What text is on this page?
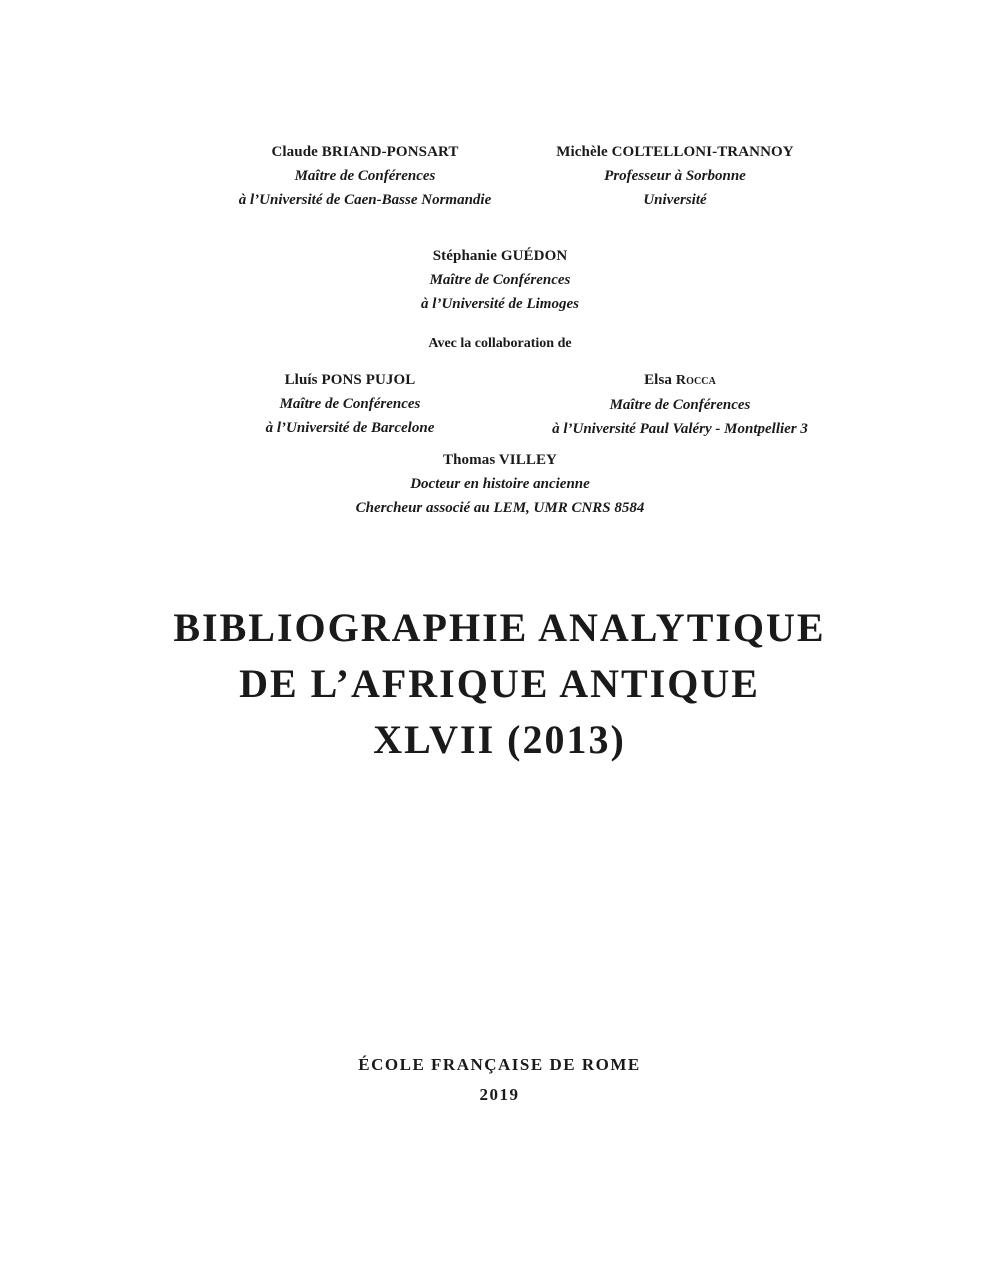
Claude BRIAND-PONSART
Maître de Conférences
à l’Université de Caen-Basse Normandie
Michèle COLTELLONI-TRANNOY
Professeur à Sorbonne
Université
Stéphanie GUÉDON
Maître de Conférences
à l’Université de Limoges
Avec la collaboration de
Lluís PONS PUJOL
Maître de Conférences
à l’Université de Barcelone
Elsa Rocca
Maître de Conférences
à l’Université Paul Valéry - Montpellier 3
Thomas VILLEY
Docteur en histoire ancienne
Chercheur associé au LEM, UMR CNRS 8584
BIBLIOGRAPHIE ANALYTIQUE
DE L’AFRIQUE ANTIQUE
XLVII (2013)
ÉCOLE FRANÇAISE DE ROME
2019
